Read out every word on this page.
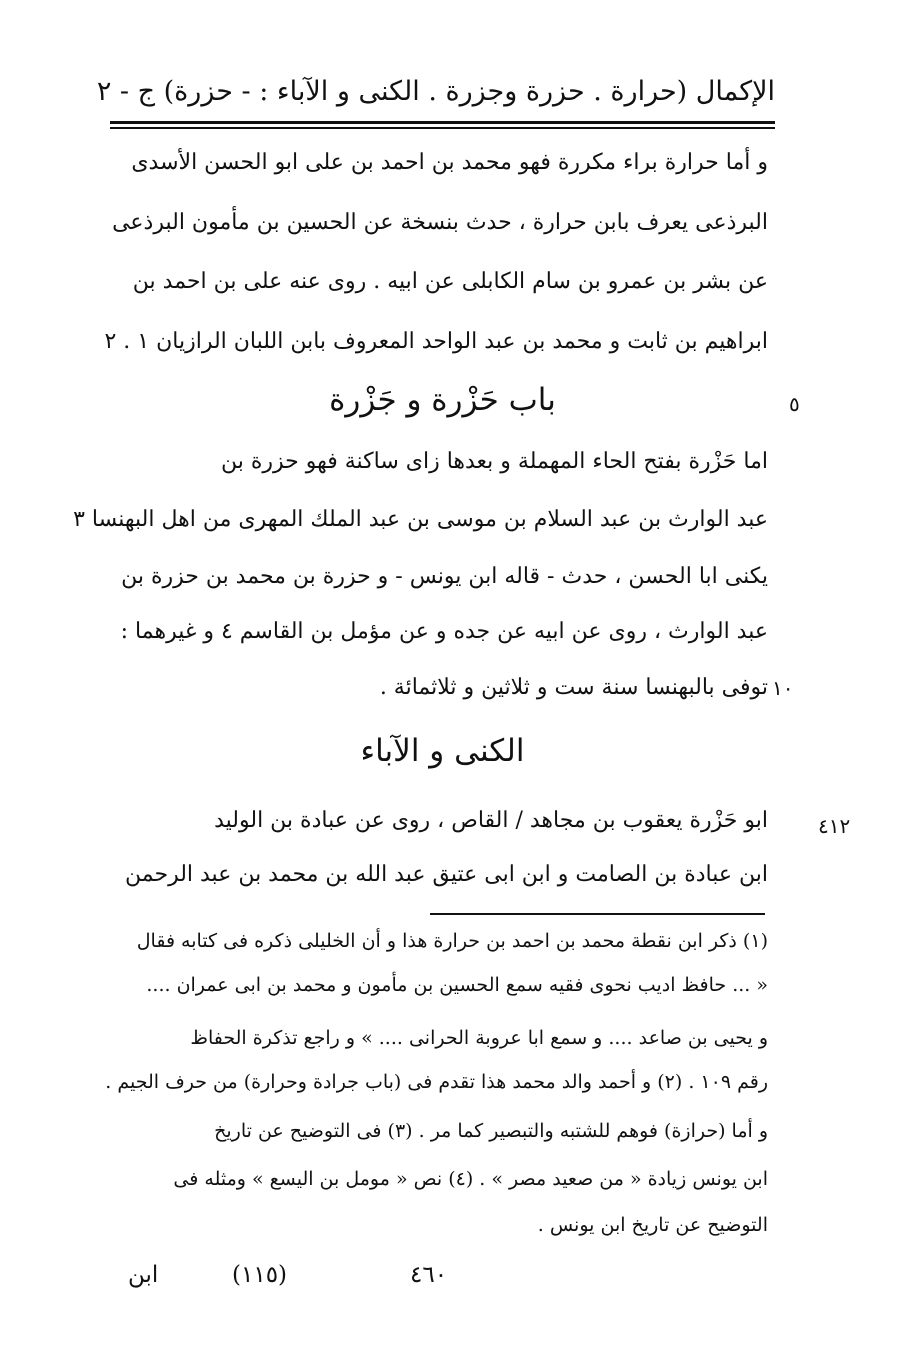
الإكمال (حرارة . حزرة وجزرة . الكنى و الآباء : - حزرة) ج - ٢
و أما حرارة براء مكررة فهو محمد بن احمد بن على ابو الحسن الأسدى
البرذعى يعرف بابن حرارة ، حدث بنسخة عن الحسين بن مأمون البرذعى
عن بشر بن عمرو بن سام الكابلى عن ابيه . روى عنه على بن احمد بن
ابراهيم بن ثابت و محمد بن عبد الواحد المعروف بابن اللبان الرازيان ١ . ٢
باب حَزْرة و جَزْرة	٥
اما حَزْرة بفتح الحاء المهملة و بعدها زاى ساكنة فهو حزرة بن
عبد الوارث بن عبد السلام بن موسى بن عبد الملك المهرى من اهل البهنسا ٣
يكنى ابا الحسن ، حدث - قاله ابن يونس - و حزرة بن محمد بن حزرة بن
عبد الوارث ، روى عن ابيه عن جده و عن مؤمل بن القاسم ٤ و غيرهما :
توفى بالبهنسا سنة ست و ثلاثين و ثلاثمائة . ١٠
الكنى و الآباء
٤١٢
ابو حَزْرة يعقوب بن مجاهد / القاص ، روى عن عبادة بن الوليد
ابن عبادة بن الصامت و ابن ابى عتيق عبد الله بن محمد بن عبد الرحمن
(١) ذكر ابن نقطة محمد بن احمد بن حرارة هذا و أن الخليلى ذكره فى كتابه فقال
« ... حافظ اديب نحوى فقيه سمع الحسين بن مأمون و محمد بن ابى عمران ....
و يحيى بن صاعد .... و سمع ابا عروبة الحرانى .... » و راجع تذكرة الحفاظ
رقم ١٠٩ . (٢) و أحمد والد محمد هذا تقدم فى (باب جرادة وحرارة) من حرف الجيم .
و أما (حرازة) فوهم للشتبه والتبصير كما مر . (٣) فى التوضيح عن تاريخ
ابن يونس زيادة « من صعيد مصر » . (٤) نص « مومل بن اليسع » ومثله فى
التوضيح عن تاريخ ابن يونس .
٤٦٠
(١١٥)
ابن
